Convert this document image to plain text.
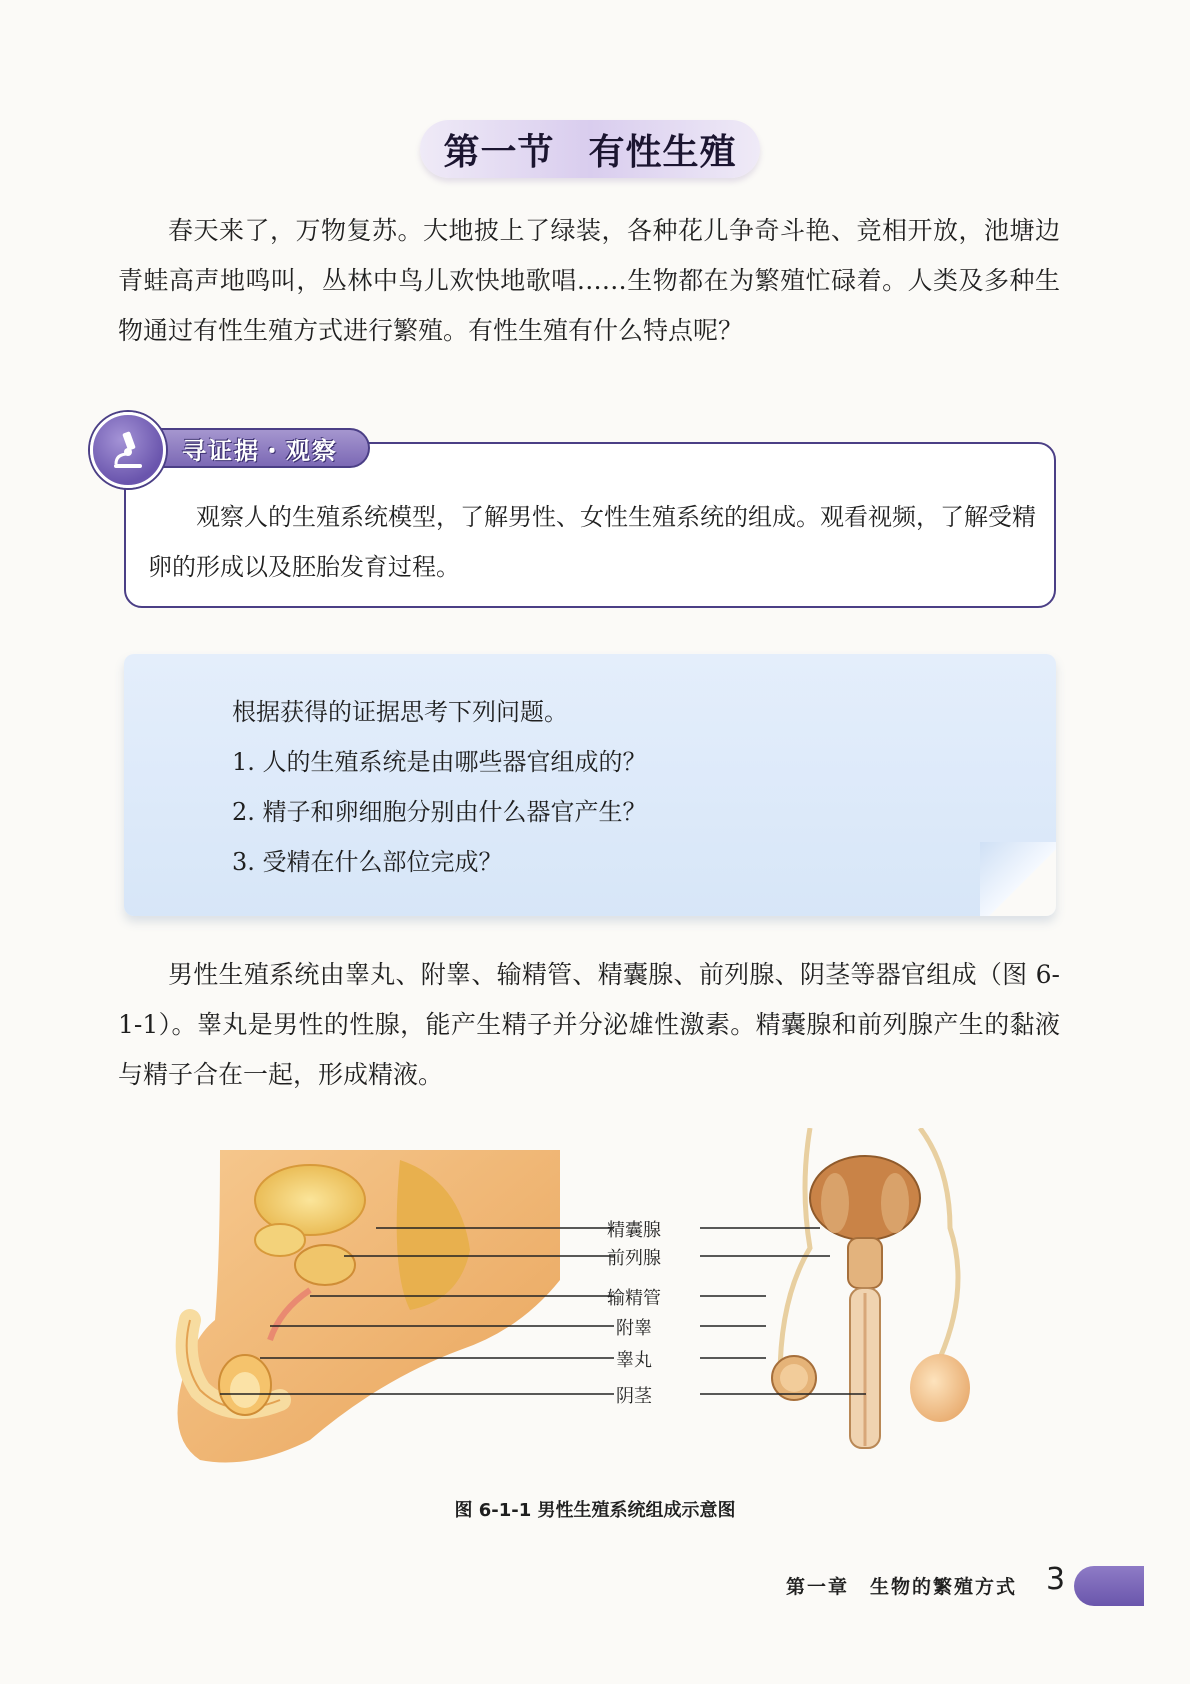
第一节 有性生殖

春天来了，万物复苏。大地披上了绿装，各种花儿争奇斗艳、竞相开放，池塘边青蛙高声地鸣叫，丛林中鸟儿欢快地歌唱……生物都在为繁殖忙碌着。人类及多种生物通过有性生殖方式进行繁殖。有性生殖有什么特点呢？

观察人的生殖系统模型，了解男性、女性生殖系统的组成。观看视频，了解受精卵的形成以及胚胎发育过程。

寻证据・观察

根据获得的证据思考下列问题。

1. 人的生殖系统是由哪些器官组成的？

2. 精子和卵细胞分别由什么器官产生？

3. 受精在什么部位完成？

男性生殖系统由睾丸、附睾、输精管、精囊腺、前列腺、阴茎等器官组成（图 6-1-1）。睾丸是男性的性腺，能产生精子并分泌雄性激素。精囊腺和前列腺产生的黏液与精子合在一起，形成精液。

精囊腺
前列腺
输精管
附睾
睾丸
阴茎
图 6-1-1 男性生殖系统组成示意图
第一章　生物的繁殖方式 3
